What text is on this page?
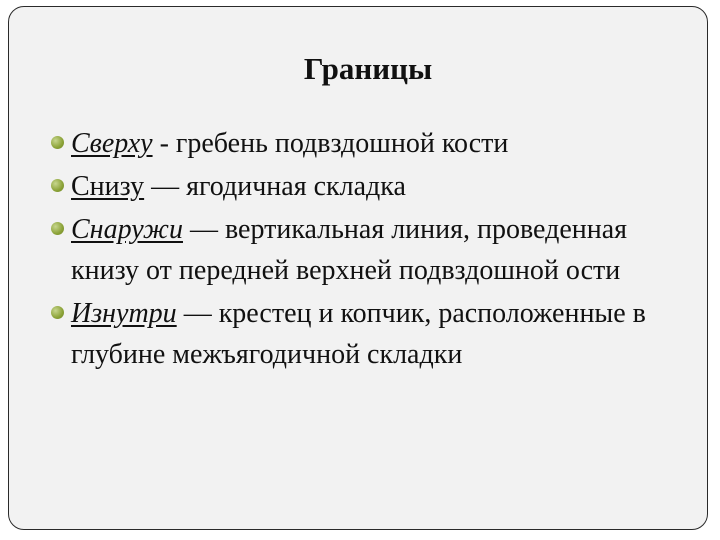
Границы
Сверху - гребень подвздошной кости
Снизу — ягодичная складка
Снаружи — вертикальная линия, проведенная книзу от передней верхней подвздошной ости
Изнутри — крестец и копчик, расположенные в глубине межъягодичной складки
